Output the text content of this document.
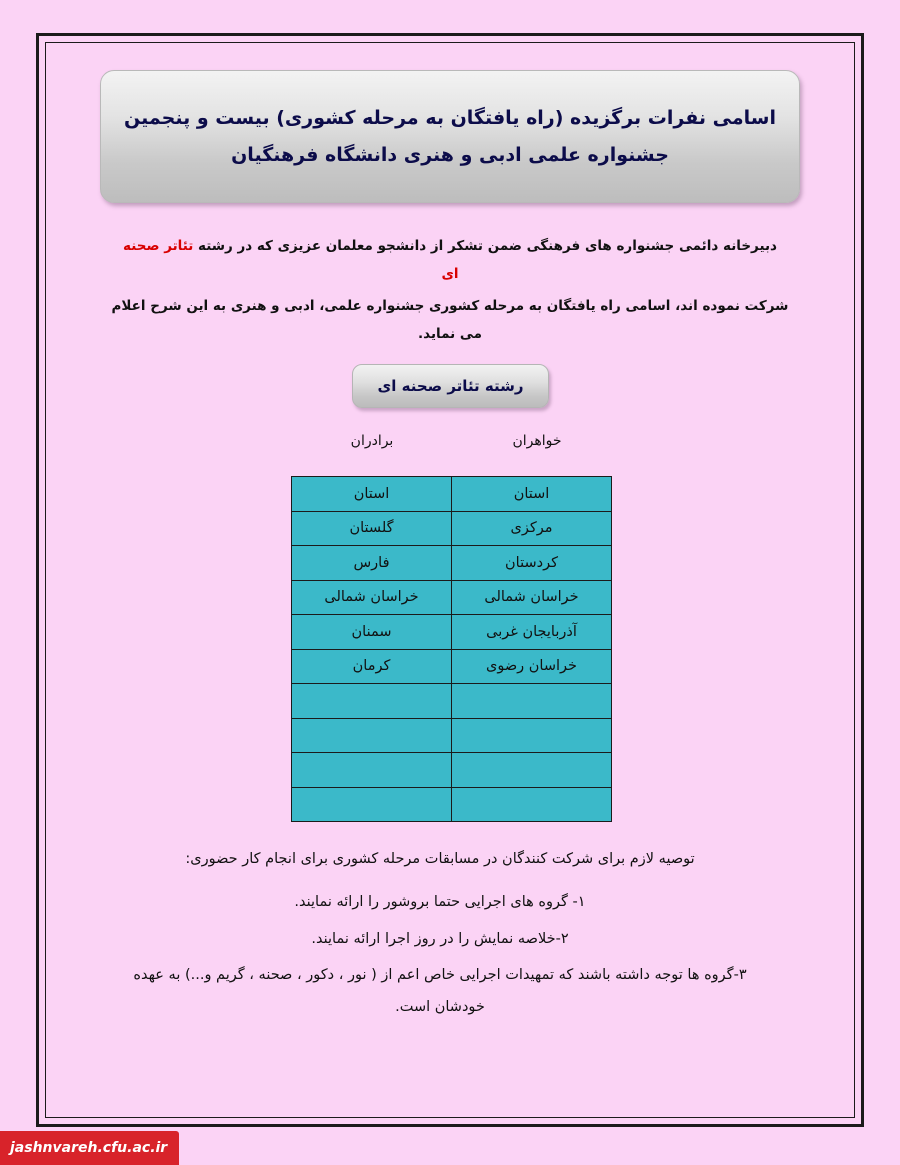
اسامی نفرات برگزیده (راه یافتگان به مرحله کشوری) بیست و پنجمین
جشنواره علمی ادبی و هنری دانشگاه فرهنگیان
دبیرخانه دائمی جشنواره های فرهنگی ضمن تشکر از دانشجو معلمان عزیزی که در رشته تئاتر صحنه ای
شرکت نموده اند، اسامی راه یافتگان به مرحله کشوری جشنواره علمی، ادبی و هنری به این شرح اعلام می نماید.
رشته تئاتر صحنه ای
برادران	خواهران
استان	استان
مرکزی	گلستان
کردستان	فارس
خراسان شمالی	خراسان شمالی
آذربایجان غربی	سمنان
خراسان رضوی	کرمان

توصیه لازم برای شرکت کنندگان در مسابقات مرحله کشوری برای انجام کار حضوری:
۱- گروه های اجرایی حتما بروشور را ارائه نمایند.
۲-خلاصه نمایش را در روز اجرا ارائه نمایند.
۳-گروه ها توجه داشته باشند که تمهیدات اجرایی خاص اعم از ( نور ، دکور ، صحنه ، گریم و...) به عهده
خودشان است.
jashnvareh.cfu.ac.ir
